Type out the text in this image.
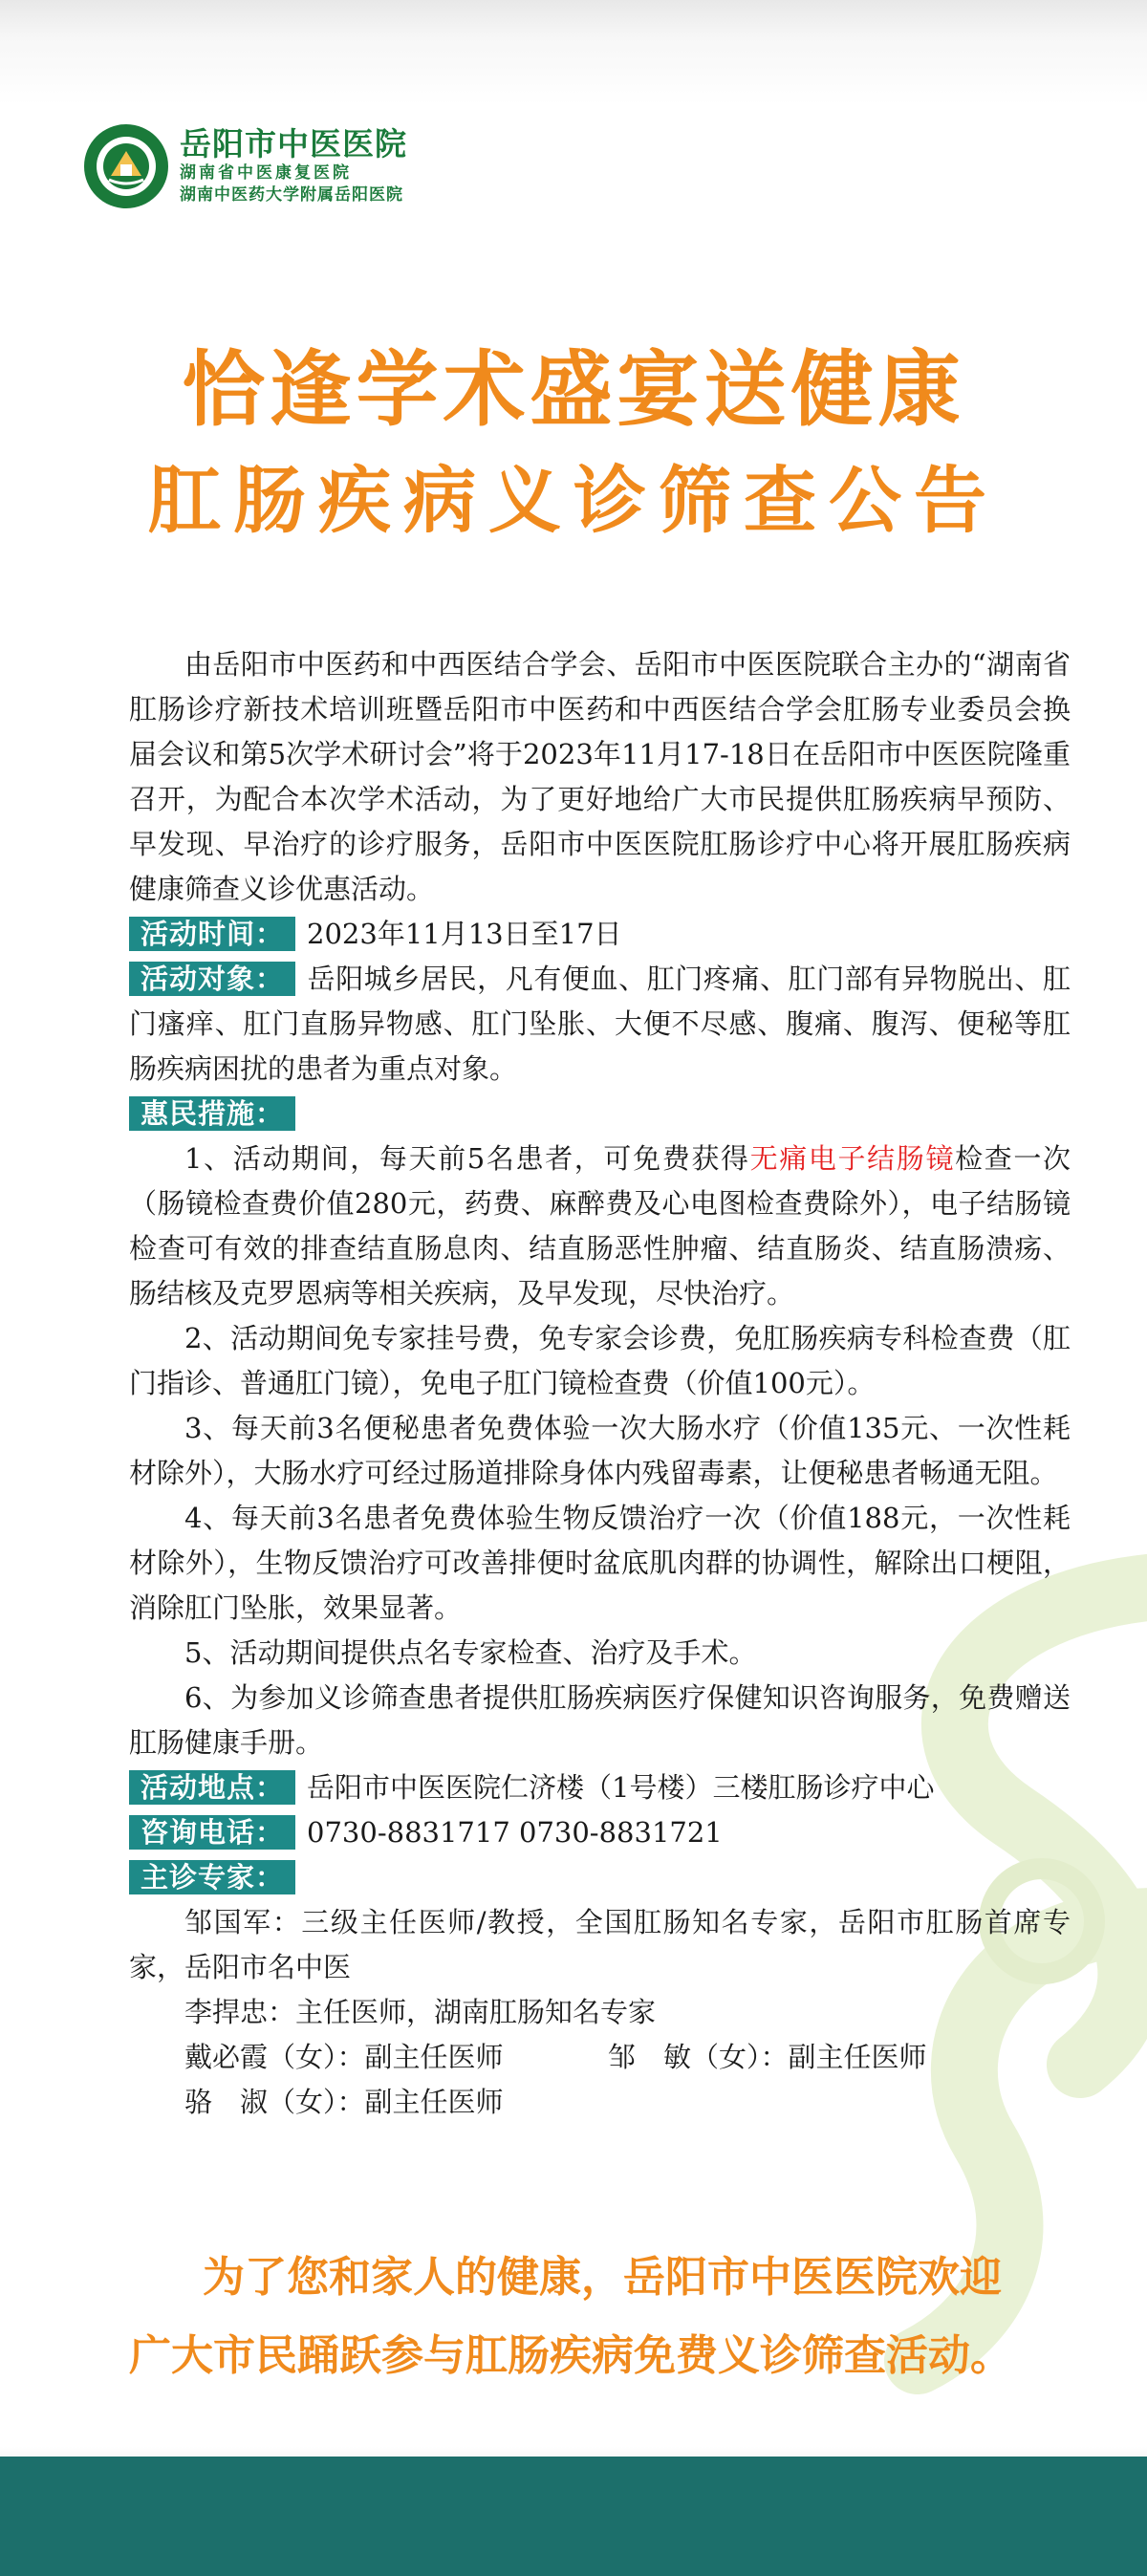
岳阳市中医医院
湖南省中医康复医院
湖南中医药大学附属岳阳医院
恰逢学术盛宴送健康
肛肠疾病义诊筛查公告

由岳阳市中医药和中西医结合学会、岳阳市中医医院联合主办的“湖南省肛肠诊疗新技术培训班暨岳阳市中医药和中西医结合学会肛肠专业委员会换届会议和第5次学术研讨会”将于2023年11月17-18日在岳阳市中医医院隆重召开，为配合本次学术活动，为了更好地给广大市民提供肛肠疾病早预防、早发现、早治疗的诊疗服务，岳阳市中医医院肛肠诊疗中心将开展肛肠疾病健康筛查义诊优惠活动。

活动时间： 2023年11月13日至17日

活动对象： 岳阳城乡居民，凡有便血、肛门疼痛、肛门部有异物脱出、肛门瘙痒、肛门直肠异物感、肛门坠胀、大便不尽感、腹痛、腹泻、便秘等肛肠疾病困扰的患者为重点对象。

惠民措施：

1、活动期间，每天前5名患者，可免费获得无痛电子结肠镜检查一次（肠镜检查费价值280元，药费、麻醉费及心电图检查费除外），电子结肠镜检查可有效的排查结直肠息肉、结直肠恶性肿瘤、结直肠炎、结直肠溃疡、肠结核及克罗恩病等相关疾病，及早发现，尽快治疗。

2、活动期间免专家挂号费，免专家会诊费，免肛肠疾病专科检查费（肛门指诊、普通肛门镜），免电子肛门镜检查费（价值100元）。

3、每天前3名便秘患者免费体验一次大肠水疗（价值135元、一次性耗材除外），大肠水疗可经过肠道排除身体内残留毒素，让便秘患者畅通无阻。

4、每天前3名患者免费体验生物反馈治疗一次（价值188元，一次性耗材除外），生物反馈治疗可改善排便时盆底肌肉群的协调性，解除出口梗阻，消除肛门坠胀，效果显著。

5、活动期间提供点名专家检查、治疗及手术。

6、为参加义诊筛查患者提供肛肠疾病医疗保健知识咨询服务，免费赠送肛肠健康手册。

活动地点： 岳阳市中医医院仁济楼（1号楼）三楼肛肠诊疗中心

咨询电话： 0730-8831717 0730-8831721

主诊专家：

邹国军：三级主任医师/教授，全国肛肠知名专家，岳阳市肛肠首席专家，岳阳市名中医

李捍忠：主任医师，湖南肛肠知名专家

戴必霞（女）：副主任医师	邹　敏（女）：副主任医师

骆　淑（女）：副主任医师

为了您和家人的健康，岳阳市中医医院欢迎
广大市民踊跃参与肛肠疾病免费义诊筛查活动。
